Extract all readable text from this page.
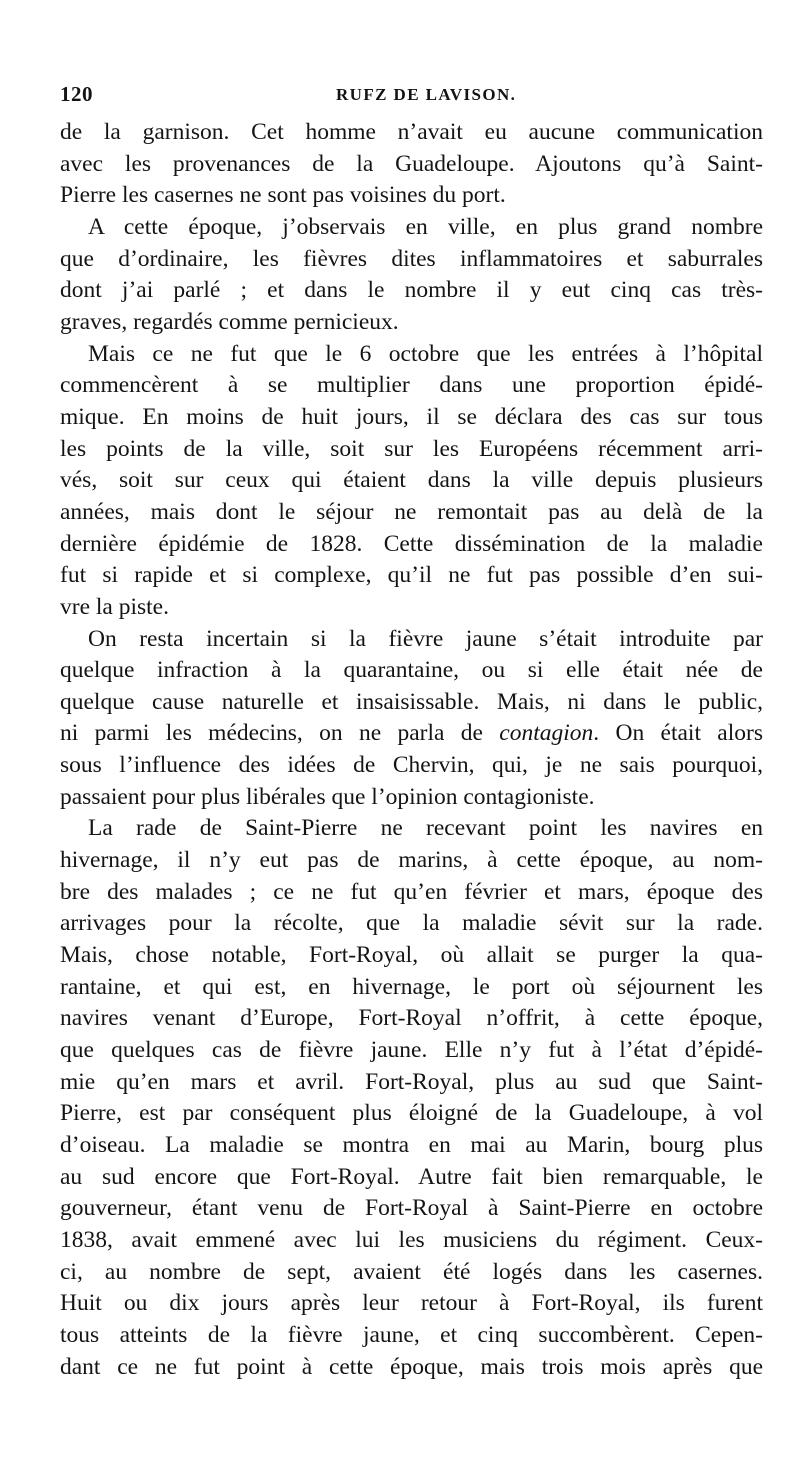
120	RUFZ DE LAVISON.
de la garnison. Cet homme n’avait eu aucune communication
avec les provenances de la Guadeloupe. Ajoutons qu’à Saint-
Pierre les casernes ne sont pas voisines du port.
A cette époque, j’observais en ville, en plus grand nombre
que d’ordinaire, les fièvres dites inflammatoires et saburrales
dont j’ai parlé ; et dans le nombre il y eut cinq cas très-
graves, regardés comme pernicieux.
Mais ce ne fut que le 6 octobre que les entrées à l’hôpital
commencèrent à se multiplier dans une proportion épidé-
mique. En moins de huit jours, il se déclara des cas sur tous
les points de la ville, soit sur les Européens récemment arri-
vés, soit sur ceux qui étaient dans la ville depuis plusieurs
années, mais dont le séjour ne remontait pas au delà de la
dernière épidémie de 1828. Cette dissémination de la maladie
fut si rapide et si complexe, qu’il ne fut pas possible d’en sui-
vre la piste.
On resta incertain si la fièvre jaune s’était introduite par
quelque infraction à la quarantaine, ou si elle était née de
quelque cause naturelle et insaisissable. Mais, ni dans le public,
ni parmi les médecins, on ne parla de contagion. On était alors
sous l’influence des idées de Chervin, qui, je ne sais pourquoi,
passaient pour plus libérales que l’opinion contagioniste.
La rade de Saint-Pierre ne recevant point les navires en
hivernage, il n’y eut pas de marins, à cette époque, au nom-
bre des malades ; ce ne fut qu’en février et mars, époque des
arrivages pour la récolte, que la maladie sévit sur la rade.
Mais, chose notable, Fort-Royal, où allait se purger la qua-
rantaine, et qui est, en hivernage, le port où séjournent les
navires venant d’Europe, Fort-Royal n’offrit, à cette époque,
que quelques cas de fièvre jaune. Elle n’y fut à l’état d’épidé-
mie qu’en mars et avril. Fort-Royal, plus au sud que Saint-
Pierre, est par conséquent plus éloigné de la Guadeloupe, à vol
d’oiseau. La maladie se montra en mai au Marin, bourg plus
au sud encore que Fort-Royal. Autre fait bien remarquable, le
gouverneur, étant venu de Fort-Royal à Saint-Pierre en octobre
1838, avait emmené avec lui les musiciens du régiment. Ceux-
ci, au nombre de sept, avaient été logés dans les casernes.
Huit ou dix jours après leur retour à Fort-Royal, ils furent
tous atteints de la fièvre jaune, et cinq succombèrent. Cepen-
dant ce ne fut point à cette époque, mais trois mois après que
